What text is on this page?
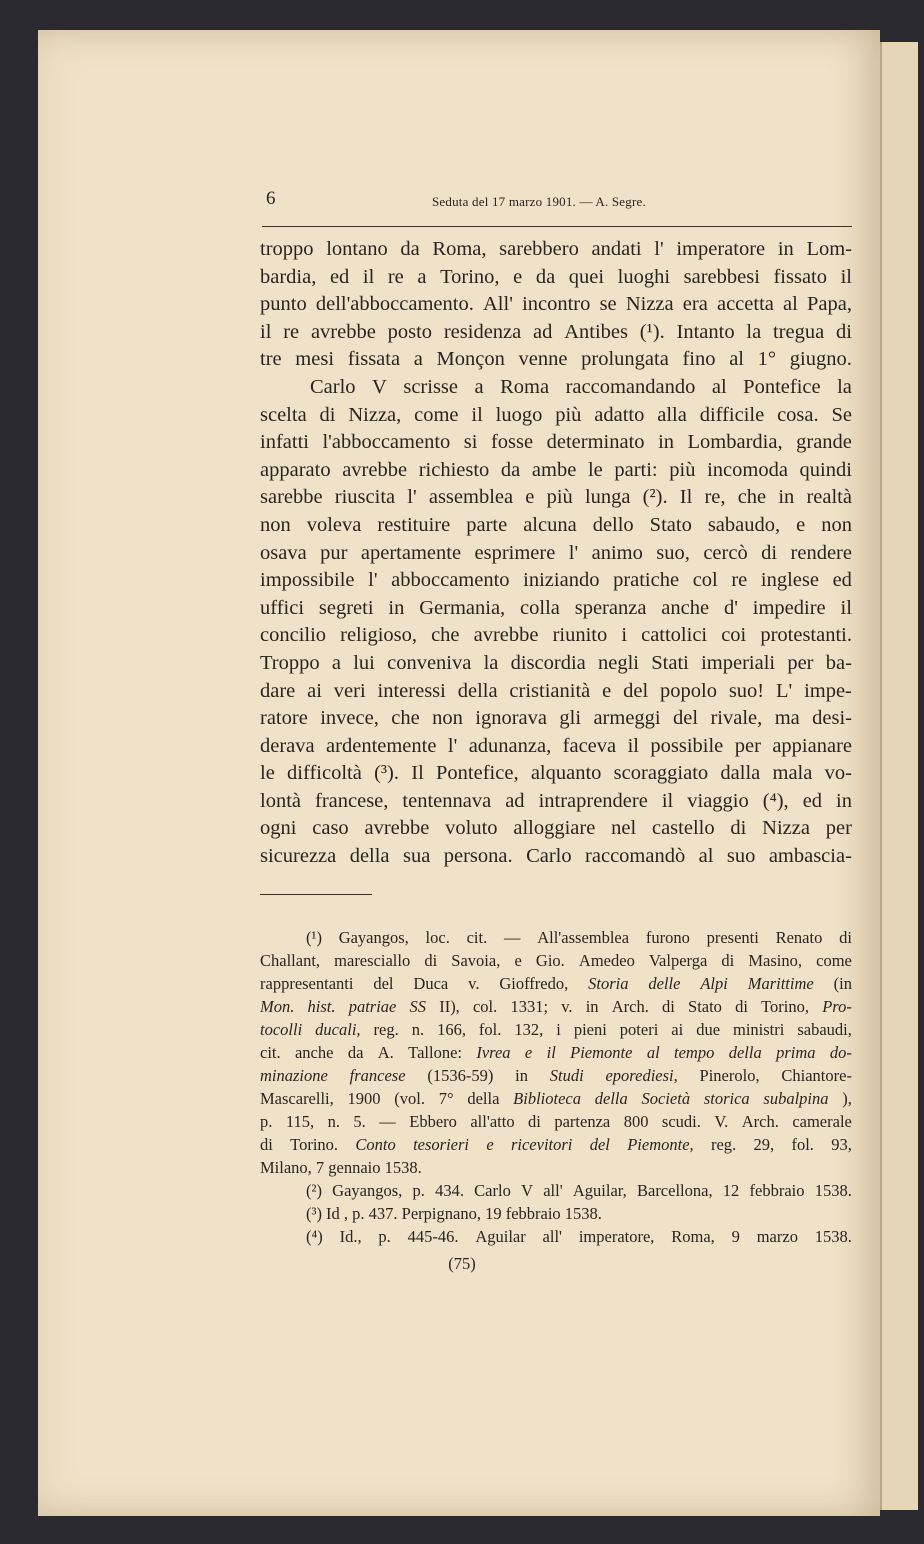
6	Seduta del 17 marzo 1901. — A. Segre.
troppo lontano da Roma, sarebbero andati l' imperatore in Lom-
bardia, ed il re a Torino, e da quei luoghi sarebbesi fissato il
punto dell'abboccamento. All' incontro se Nizza era accetta al Papa,
il re avrebbe posto residenza ad Antibes (¹). Intanto la tregua di
tre mesi fissata a Monçon venne prolungata fino al 1° giugno.
Carlo V scrisse a Roma raccomandando al Pontefice la
scelta di Nizza, come il luogo più adatto alla difficile cosa. Se
infatti l'abboccamento si fosse determinato in Lombardia, grande
apparato avrebbe richiesto da ambe le parti: più incomoda quindi
sarebbe riuscita l' assemblea e più lunga (²). Il re, che in realtà
non voleva restituire parte alcuna dello Stato sabaudo, e non
osava pur apertamente esprimere l' animo suo, cercò di rendere
impossibile l' abboccamento iniziando pratiche col re inglese ed
uffici segreti in Germania, colla speranza anche d' impedire il
concilio religioso, che avrebbe riunito i cattolici coi protestanti.
Troppo a lui conveniva la discordia negli Stati imperiali per ba-
dare ai veri interessi della cristianità e del popolo suo! L' impe-
ratore invece, che non ignorava gli armeggi del rivale, ma desi-
derava ardentemente l' adunanza, faceva il possibile per appianare
le difficoltà (³). Il Pontefice, alquanto scoraggiato dalla mala vo-
lontà francese, tentennava ad intraprendere il viaggio (⁴), ed in
ogni caso avrebbe voluto alloggiare nel castello di Nizza per
sicurezza della sua persona. Carlo raccomandò al suo ambascia-
(¹) Gayangos, loc. cit. — All'assemblea furono presenti Renato di
Challant, maresciallo di Savoia, e Gio. Amedeo Valperga di Masino, come
rappresentanti del Duca v. Gioffredo, Storia delle Alpi Marittime (in
Mon. hist. patriae SS II), col. 1331; v. in Arch. di Stato di Torino, Pro-
tocolli ducali, reg. n. 166, fol. 132, i pieni poteri ai due ministri sabaudi,
cit. anche da A. Tallone: Ivrea e il Piemonte al tempo della prima do-
minazione francese (1536-59) in Studi eporediesi, Pinerolo, Chiantore-
Mascarelli, 1900 (vol. 7° della Biblioteca della Società storica subalpina ),
p. 115, n. 5. — Ebbero all'atto di partenza 800 scudi. V. Arch. camerale
di Torino. Conto tesorieri e ricevitori del Piemonte, reg. 29, fol. 93,
Milano, 7 gennaio 1538.
(²) Gayangos, p. 434. Carlo V all' Aguilar, Barcellona, 12 febbraio 1538.
(³) Id , p. 437. Perpignano, 19 febbraio 1538.
(⁴) Id., p. 445-46. Aguilar all' imperatore, Roma, 9 marzo 1538.
(75)
